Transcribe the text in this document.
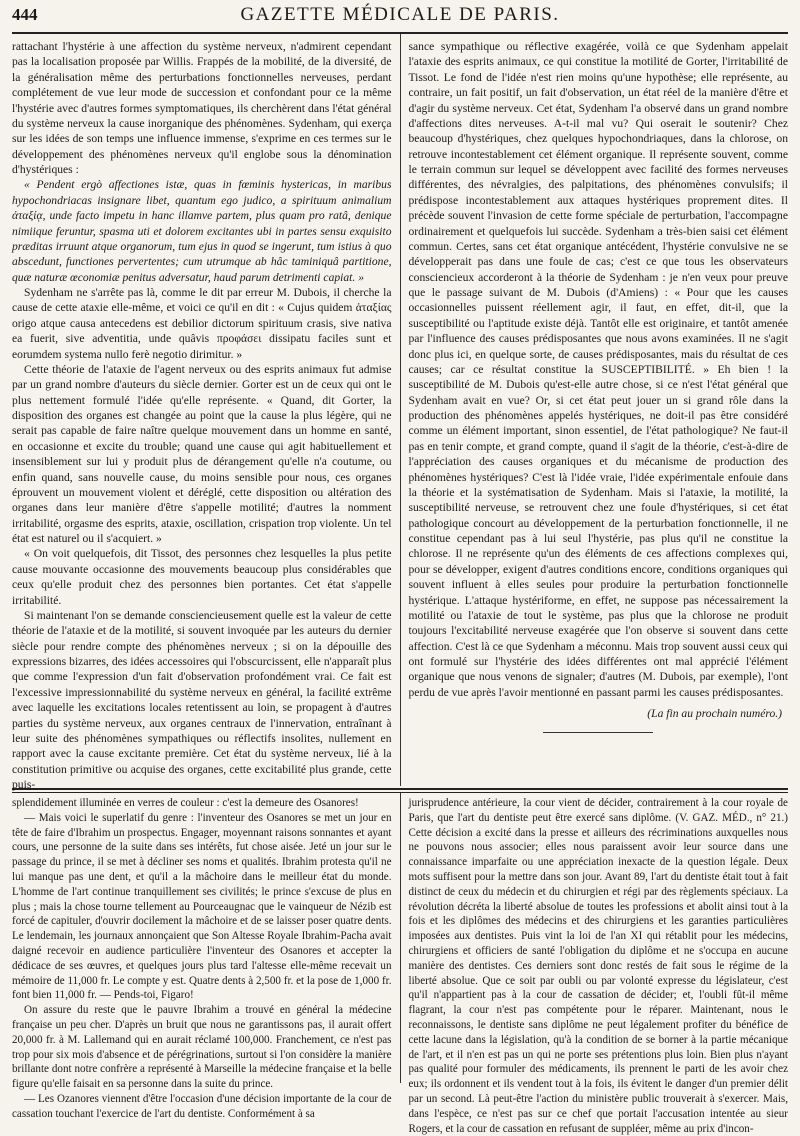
444	GAZETTE MÉDICALE DE PARIS.

rattachant l'hystérie à une affection du système nerveux, n'admirent cependant pas la localisation proposée par Willis. Frappés de la mobilité, de la diversité, de la généralisation même des perturbations fonctionnelles nerveuses, perdant complétement de vue leur mode de succession et confondant pour ce la même l'hystérie avec d'autres formes symptomatiques, ils cherchèrent dans l'état général du système nerveux la cause inorganique des phénomènes. Sydenham, qui exerça sur les idées de son temps une influence immense, s'exprime en ces termes sur le développement des phénomènes nerveux qu'il englobe sous la dénomination d'hystériques :

« Pendent ergò affectiones istæ, quas in fœminis hystericas, in maribus hypochondriacas insignare libet, quantum ego judico, a spirituum animalium ἀταξίᾳ, unde facto impetu in hanc illamve partem, plus quam pro ratâ, denique nimiique feruntur, spasma uti et dolorem excitantes ubi in partes sensu exquisito præditas irruunt atque organorum, tum ejus in quod se ingerunt, tum istius à quo abscedunt, functiones pervertentes; cum utrumque ab hâc taminiquâ partitione, quæ naturæ œconomiæ penitus adversatur, haud parum detrimenti capiat. »

Sydenham ne s'arrête pas là, comme le dit par erreur M. Dubois, il cherche la cause de cette ataxie elle-même, et voici ce qu'il en dit : « Cujus quidem ἀταξίας origo atque causa antecedens est debilior dictorum spirituum crasis, sive nativa ea fuerit, sive adventitia, unde quâvis προφάσει dissipatu faciles sunt et eorumdem systema nullo ferè negotio dirimitur. »

Cette théorie de l'ataxie de l'agent nerveux ou des esprits animaux fut admise par un grand nombre d'auteurs du siècle dernier. Gorter est un de ceux qui ont le plus nettement formulé l'idée qu'elle représente. « Quand, dit Gorter, la disposition des organes est changée au point que la cause la plus légère, qui ne serait pas capable de faire naître quelque mouvement dans un homme en santé, en occasionne et excite du trouble; quand une cause qui agit habituellement et insensiblement sur lui y produit plus de dérangement qu'elle n'a coutume, ou enfin quand, sans nouvelle cause, du moins sensible pour nous, ces organes éprouvent un mouvement violent et déréglé, cette disposition ou altération des organes dans leur manière d'être s'appelle motilité; d'autres la nomment irritabilité, orgasme des esprits, ataxie, oscillation, crispation trop violente. Un tel état est naturel ou il s'acquiert. »

« On voit quelquefois, dit Tissot, des personnes chez lesquelles la plus petite cause mouvante occasionne des mouvements beaucoup plus considérables que ceux qu'elle produit chez des personnes bien portantes. Cet état s'appelle irritabilité.

Si maintenant l'on se demande consciencieusement quelle est la valeur de cette théorie de l'ataxie et de la motilité, si souvent invoquée par les auteurs du dernier siècle pour rendre compte des phénomènes nerveux ; si on la dépouille des expressions bizarres, des idées accessoires qui l'obscurcissent, elle n'apparaît plus que comme l'expression d'un fait d'observation profondément vrai. Ce fait est l'excessive impressionnabilité du système nerveux en général, la facilité extrême avec laquelle les excitations locales retentissent au loin, se propagent à d'autres parties du système nerveux, aux organes centraux de l'innervation, entraînant à leur suite des phénomènes sympathiques ou réflectifs insolites, nullement en rapport avec la cause excitante première. Cet état du système nerveux, lié à la constitution primitive ou acquise des organes, cette excitabilité plus grande, cette puis-

sance sympathique ou réflective exagérée, voilà ce que Sydenham appelait l'ataxie des esprits animaux, ce qui constitue la motilité de Gorter, l'irritabilité de Tissot. Le fond de l'idée n'est rien moins qu'une hypothèse; elle représente, au contraire, un fait positif, un fait d'observation, un état réel de la manière d'être et d'agir du système nerveux. Cet état, Sydenham l'a observé dans un grand nombre d'affections dites nerveuses. A-t-il mal vu? Qui oserait le soutenir? Chez beaucoup d'hystériques, chez quelques hypochondriaques, dans la chlorose, on retrouve incontestablement cet élément organique. Il représente souvent, comme le terrain commun sur lequel se développent avec facilité des formes nerveuses différentes, des névralgies, des palpitations, des phénomènes convulsifs; il prédispose incontestablement aux attaques hystériques proprement dites. Il précède souvent l'invasion de cette forme spéciale de perturbation, l'accompagne ordinairement et quelquefois lui succède. Sydenham a très-bien saisi cet élément commun. Certes, sans cet état organique antécédent, l'hystérie convulsive ne se développerait pas dans une foule de cas; c'est ce que tous les observateurs consciencieux accorderont à la théorie de Sydenham : je n'en veux pour preuve que le passage suivant de M. Dubois (d'Amiens) : « Pour que les causes occasionnelles puissent réellement agir, il faut, en effet, dit-il, que la susceptibilité ou l'aptitude existe déjà. Tantôt elle est originaire, et tantôt amenée par l'influence des causes prédisposantes que nous avons examinées. Il ne s'agit donc plus ici, en quelque sorte, de causes prédisposantes, mais du résultat de ces causes; car ce résultat constitue la SUSCEPTIBILITÉ. » Eh bien ! la susceptibilité de M. Dubois qu'est-elle autre chose, si ce n'est l'état général que Sydenham avait en vue? Or, si cet état peut jouer un si grand rôle dans la production des phénomènes appelés hystériques, ne doit-il pas être considéré comme un élément important, sinon essentiel, de l'état pathologique? Ne faut-il pas en tenir compte, et grand compte, quand il s'agit de la théorie, c'est-à-dire de l'appréciation des causes organiques et du mécanisme de production des phénomènes hystériques? C'est là l'idée vraie, l'idée expérimentale enfouie dans la théorie et la systématisation de Sydenham. Mais si l'ataxie, la motilité, la susceptibilité nerveuse, se retrouvent chez une foule d'hystériques, si cet état pathologique concourt au développement de la perturbation fonctionnelle, il ne constitue cependant pas à lui seul l'hystérie, pas plus qu'il ne constitue la chlorose. Il ne représente qu'un des éléments de ces affections complexes qui, pour se développer, exigent d'autres conditions encore, conditions organiques qui souvent influent à elles seules pour produire la perturbation fonctionnelle hystérique. L'attaque hystériforme, en effet, ne suppose pas nécessairement la motilité ou l'ataxie de tout le système, pas plus que la chlorose ne produit toujours l'excitabilité nerveuse exagérée que l'on observe si souvent dans cette affection. C'est là ce que Sydenham a méconnu. Mais trop souvent aussi ceux qui ont formulé sur l'hystérie des idées différentes ont mal apprécié l'élément organique que nous venons de signaler; d'autres (M. Dubois, par exemple), l'ont perdu de vue après l'avoir mentionné en passant parmi les causes prédisposantes.

(La fin au prochain numéro.)

splendidement illuminée en verres de couleur : c'est la demeure des Osanores!

— Mais voici le superlatif du genre : l'inventeur des Osanores se met un jour en tête de faire d'Ibrahim un prospectus. Engager, moyennant raisons sonnantes et ayant cours, une personne de la suite dans ses intérêts, fut chose aisée. Jeté un jour sur le passage du prince, il se met à décliner ses noms et qualités. Ibrahim protesta qu'il ne lui manque pas une dent, et qu'il a la mâchoire dans le meilleur état du monde. L'homme de l'art continue tranquillement ses civilités; le prince s'excuse de plus en plus ; mais la chose tourne tellement au Pourceaugnac que le vainqueur de Nézib est forcé de capituler, d'ouvrir docilement la mâchoire et de se laisser poser quatre dents. Le lendemain, les journaux annonçaient que Son Altesse Royale Ibrahim-Pacha avait daigné recevoir en audience particulière l'inventeur des Osanores et accepter la dédicace de ses œuvres, et quelques jours plus tard l'altesse elle-même recevait un mémoire de 11,000 fr. Le compte y est. Quatre dents à 2,500 fr. et la pose de 1,000 fr. font bien 11,000 fr. — Pends-toi, Figaro!

On assure du reste que le pauvre Ibrahim a trouvé en général la médecine française un peu cher. D'après un bruit que nous ne garantissons pas, il aurait offert 20,000 fr. à M. Lallemand qui en aurait réclamé 100,000. Franchement, ce n'est pas trop pour six mois d'absence et de pérégrinations, surtout si l'on considère la manière brillante dont notre confrère a représenté à Marseille la médecine française et la belle figure qu'elle faisait en sa personne dans la suite du prince.

— Les Ozanores viennent d'être l'occasion d'une décision importante de la cour de cassation touchant l'exercice de l'art du dentiste. Conformément à sa

jurisprudence antérieure, la cour vient de décider, contrairement à la cour royale de Paris, que l'art du dentiste peut être exercé sans diplôme. (V. GAZ. MÉD., n° 21.) Cette décision a excité dans la presse et ailleurs des récriminations auxquelles nous ne pouvons nous associer; elles nous paraissent avoir leur source dans une connaissance imparfaite ou une appréciation inexacte de la question légale. Deux mots suffisent pour la mettre dans son jour. Avant 89, l'art du dentiste était tout à fait distinct de ceux du médecin et du chirurgien et régi par des règlements spéciaux. La révolution décréta la liberté absolue de toutes les professions et abolit ainsi tout à la fois et les diplômes des médecins et des chirurgiens et les garanties particulières imposées aux dentistes. Puis vint la loi de l'an XI qui rétablit pour les médecins, chirurgiens et officiers de santé l'obligation du diplôme et ne s'occupa en aucune manière des dentistes. Ces derniers sont donc restés de fait sous le régime de la liberté absolue. Que ce soit par oubli ou par volonté expresse du législateur, c'est qu'il n'appartient pas à la cour de cassation de décider; et, l'oubli fût-il même flagrant, la cour n'est pas compétente pour le réparer. Maintenant, nous le reconnaissons, le dentiste sans diplôme ne peut légalement profiter du bénéfice de cette lacune dans la législation, qu'à la condition de se borner à la partie mécanique de l'art, et il n'en est pas un qui ne porte ses prétentions plus loin. Bien plus n'ayant pas qualité pour formuler des médicaments, ils prennent le parti de les avoir chez eux; ils ordonnent et ils vendent tout à la fois, ils évitent le danger d'un premier délit par un second. Là peut-être l'action du ministère public trouverait à s'exercer. Mais, dans l'espèce, ce n'est pas sur ce chef que portait l'accusation intentée au sieur Rogers, et la cour de cassation en refusant de suppléer, même au prix d'incon-
